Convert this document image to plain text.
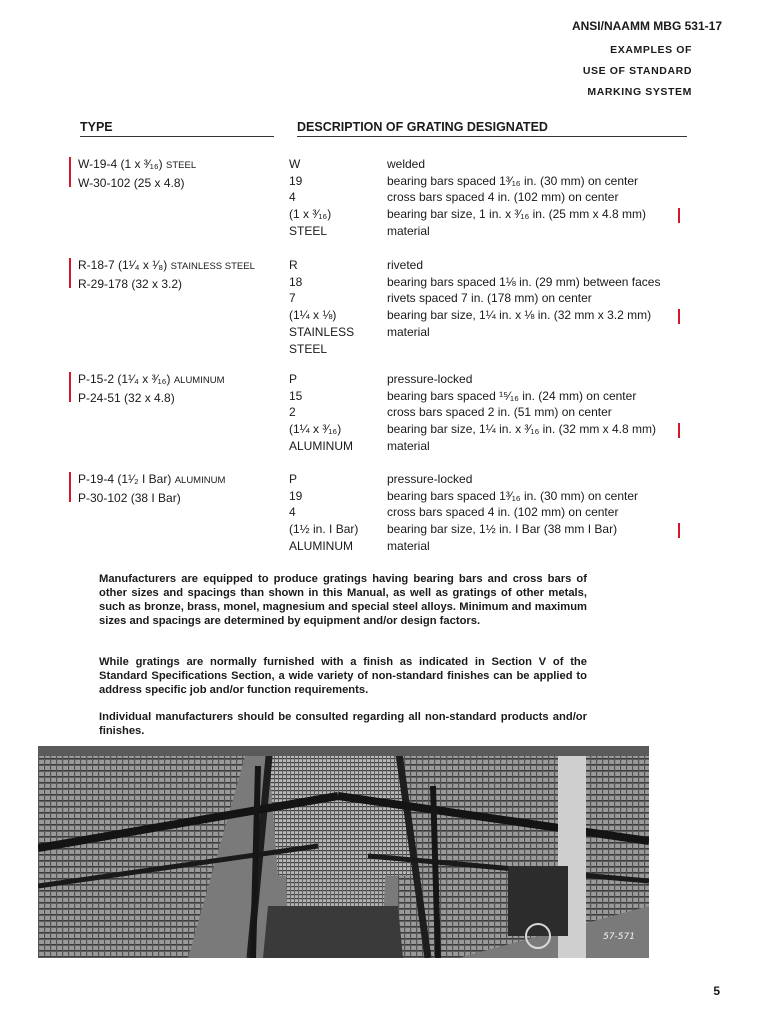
ANSI/NAAMM MBG 531-17
EXAMPLES OF
USE OF STANDARD
MARKING SYSTEM
TYPE	DESCRIPTION OF GRATING DESIGNATED
W-19-4 (1 x ³⁄₁₆) STEEL
W-30-102 (25 x 4.8)
W
19
4
(1 x ³⁄₁₆)
STEEL
welded
bearing bars spaced 1³⁄₁₆ in. (30 mm) on center
cross bars spaced 4 in. (102 mm) on center
bearing bar size, 1 in. x ³⁄₁₆ in. (25 mm x 4.8 mm)
material
R-18-7 (1¹⁄₄ x ¹⁄₈) STAINLESS STEEL
R-29-178 (32 x 3.2)
R
18
7
(1¼ x ⅛)
STAINLESS
STEEL
riveted
bearing bars spaced 1⅛ in. (29 mm) between faces
rivets spaced 7 in. (178 mm) on center
bearing bar size, 1¼ in. x ⅛ in. (32 mm x 3.2 mm)
material
P-15-2 (1¹⁄₄ x ³⁄₁₆) ALUMINUM
P-24-51 (32 x 4.8)
P
15
2
(1¼ x ³⁄₁₆)
ALUMINUM
pressure-locked
bearing bars spaced ¹⁵⁄₁₆ in. (24 mm) on center
cross bars spaced 2 in. (51 mm) on center
bearing bar size, 1¼ in. x ³⁄₁₆ in. (32 mm x 4.8 mm)
material
P-19-4 (1¹⁄₂ I Bar) ALUMINUM
P-30-102 (38 I Bar)
P
19
4
(1½ in. I Bar)
ALUMINUM
pressure-locked
bearing bars spaced 1³⁄₁₆ in. (30 mm) on center
cross bars spaced 4 in. (102 mm) on center
bearing bar size, 1½ in. I Bar (38 mm I Bar)
material

Manufacturers are equipped to produce gratings having bearing bars and cross bars of other sizes and spacings than shown in this Manual, as well as gratings of other metals, such as bronze, brass, monel, magnesium and special steel alloys. Minimum and maximum sizes and spacings are determined by equipment and/or design factors.

While gratings are normally furnished with a finish as indicated in Section V of the Standard Specifications Section, a wide variety of non-standard finishes can be applied to address specific job and/or function requirements.

Individual manufacturers should be consulted regarding all non-standard products and/or finishes.

57-571
5
